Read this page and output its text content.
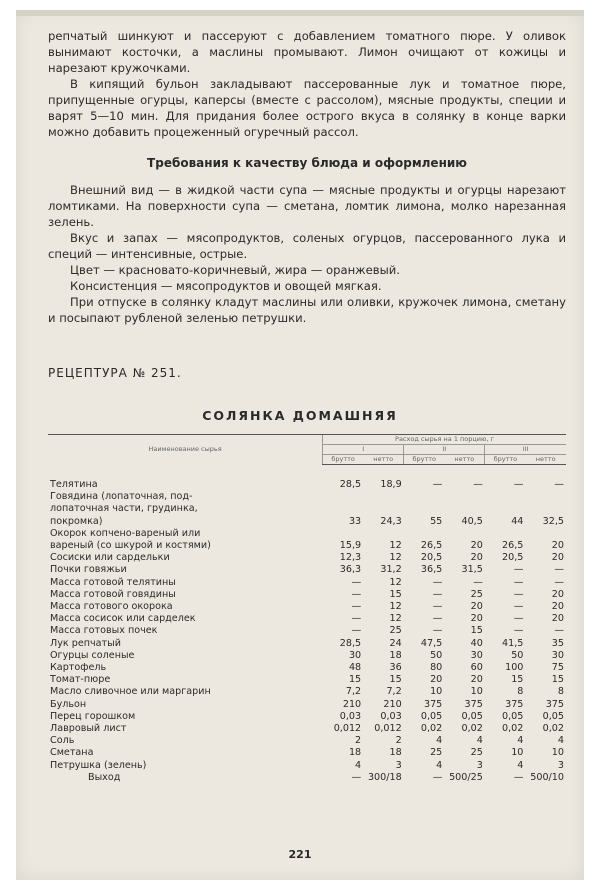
репчатый шинкуют и пассеруют с добавлением томатного пюре. У оливок вынимают косточки, а маслины промывают. Лимон очищают от кожицы и нарезают кружочками.

В кипящий бульон закладывают пассерованные лук и томатное пюре, припущенные огурцы, каперсы (вместе с рассолом), мясные продукты, специи и варят 5—10 мин. Для придания более острого вкуса в солянку в конце варки можно добавить процеженный огуречный рассол.

Требования к качеству блюда и оформлению

Внешний вид — в жидкой части супа — мясные продукты и огурцы нарезают ломтиками. На поверхности супа — сметана, ломтик лимона, молко нарезанная зелень.

Вкус и запах — мясопродуктов, соленых огурцов, пассерованного лука и специй — интенсивные, острые.

Цвет — красновато-коричневый, жира — оранжевый.

Консистенция — мясопродуктов и овощей мягкая.

При отпуске в солянку кладут маслины или оливки, кружочек лимона, сметану и посыпают рубленой зеленью петрушки.

РЕЦЕПТУРА № 251.
СОЛЯНКА ДОМАШНЯЯ
Наименование сырья	Расход сырья на 1 порцию, г					
	I		II		III	
	брутто	нетто	брутто	нетто	брутто	нетто

Телятина	28,5	18,9	—	—	—	—
Говядина (лопаточная, под-						
лопаточная части, грудинка,						
покромка)	33	24,3	55	40,5	44	32,5
Окорок копчено-вареный или						
вареный (со шкурой и костями)	15,9	12	26,5	20	26,5	20
Сосиски или сардельки	12,3	12	20,5	20	20,5	20
Почки говяжьи	36,3	31,2	36,5	31,5	—	—
Масса готовой телятины	—	12	—	—	—	—
Масса готовой говядины	—	15	—	25	—	20
Масса готового окорока	—	12	—	20	—	20
Масса сосисок или сарделек	—	12	—	20	—	20
Масса готовых почек	—	25	—	15	—	—
Лук репчатый	28,5	24	47,5	40	41,5	35
Огурцы соленые	30	18	50	30	50	30
Картофель	48	36	80	60	100	75
Томат-пюре	15	15	20	20	15	15
Масло сливочное или маргарин	7,2	7,2	10	10	8	8
Бульон	210	210	375	375	375	375
Перец горошком	0,03	0,03	0,05	0,05	0,05	0,05
Лавровый лист	0,012	0,012	0,02	0,02	0,02	0,02
Соль	2	2	4	4	4	4
Сметана	18	18	25	25	10	10
Петрушка (зелень)	4	3	4	3	4	3
Выход	—	300/18	—	500/25	—	500/10
221
